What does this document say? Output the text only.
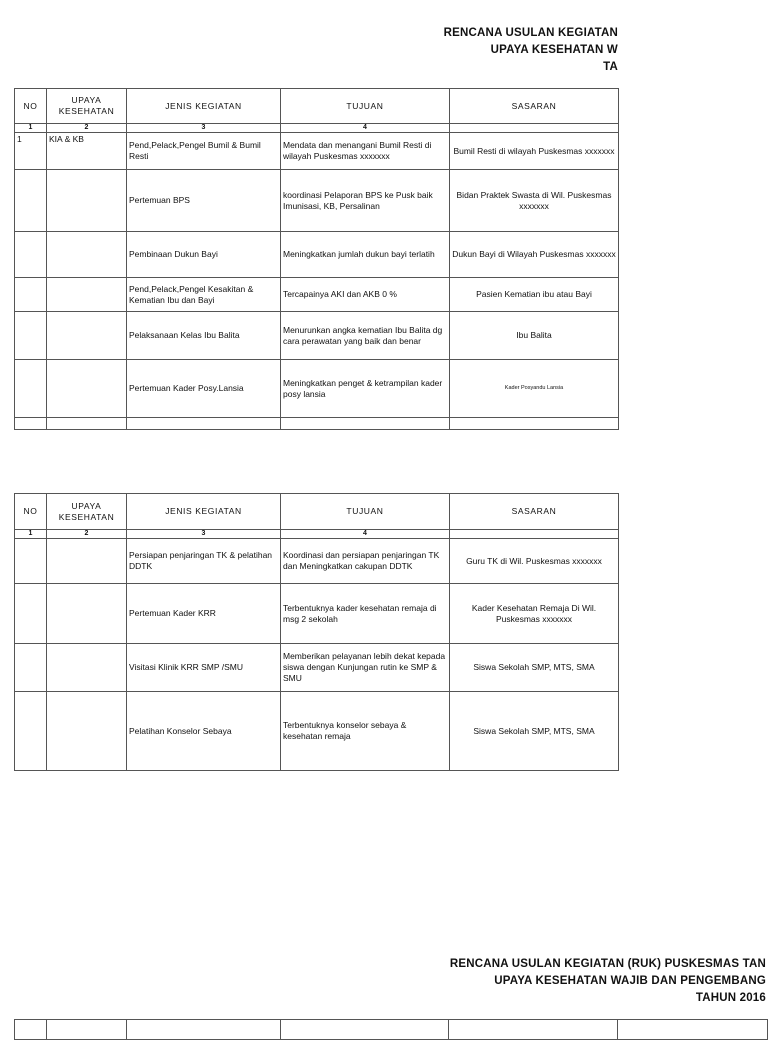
RENCANA USULAN KEGIATAN
UPAYA KESEHATAN W
TA
NO	UPAYA KESEHATAN	JENIS KEGIATAN	TUJUAN	SASARAN
1	2	3	4	
1	KIA & KB	Pend,Pelack,Pengel Bumil & Bumil Resti	Mendata dan menangani Bumil Resti di wilayah Puskesmas xxxxxxx	Bumil Resti di wilayah Puskesmas xxxxxxx
		Pertemuan BPS	koordinasi Pelaporan BPS ke Pusk baik Imunisasi, KB, Persalinan	Bidan Praktek Swasta di Wil. Puskesmas xxxxxxx
		Pembinaan Dukun Bayi	Meningkatkan jumlah dukun bayi terlatih	Dukun Bayi di Wilayah Puskesmas xxxxxxx
		Pend,Pelack,Pengel Kesakitan & Kematian Ibu dan Bayi	Tercapainya AKI dan AKB 0 %	Pasien Kematian ibu atau Bayi
		Pelaksanaan Kelas Ibu Balita	Menurunkan angka kematian Ibu Balita dg cara perawatan yang baik dan benar	Ibu Balita
		Pertemuan Kader Posy.Lansia	Meningkatkan penget & ketrampilan kader posy lansia	Kader Posyandu Lansia

NO	UPAYA KESEHATAN	JENIS KEGIATAN	TUJUAN	SASARAN
1	2	3	4	
		Persiapan penjaringan TK & pelatihan DDTK	Koordinasi dan persiapan penjaringan TK dan Meningkatkan cakupan DDTK	Guru TK di Wil. Puskesmas xxxxxxx
		Pertemuan Kader KRR	Terbentuknya kader kesehatan remaja di msg 2 sekolah	Kader Kesehatan Remaja Di Wil. Puskesmas xxxxxxx
		Visitasi Klinik KRR SMP /SMU	Memberikan pelayanan lebih dekat kepada siswa dengan Kunjungan rutin ke SMP & SMU	Siswa Sekolah SMP, MTS, SMA
		Pelatihan Konselor Sebaya	Terbentuknya konselor sebaya & kesehatan remaja	Siswa Sekolah SMP, MTS, SMA
RENCANA USULAN KEGIATAN (RUK) PUSKESMAS TAN
UPAYA KESEHATAN WAJIB DAN PENGEMBANG
TAHUN 2016
